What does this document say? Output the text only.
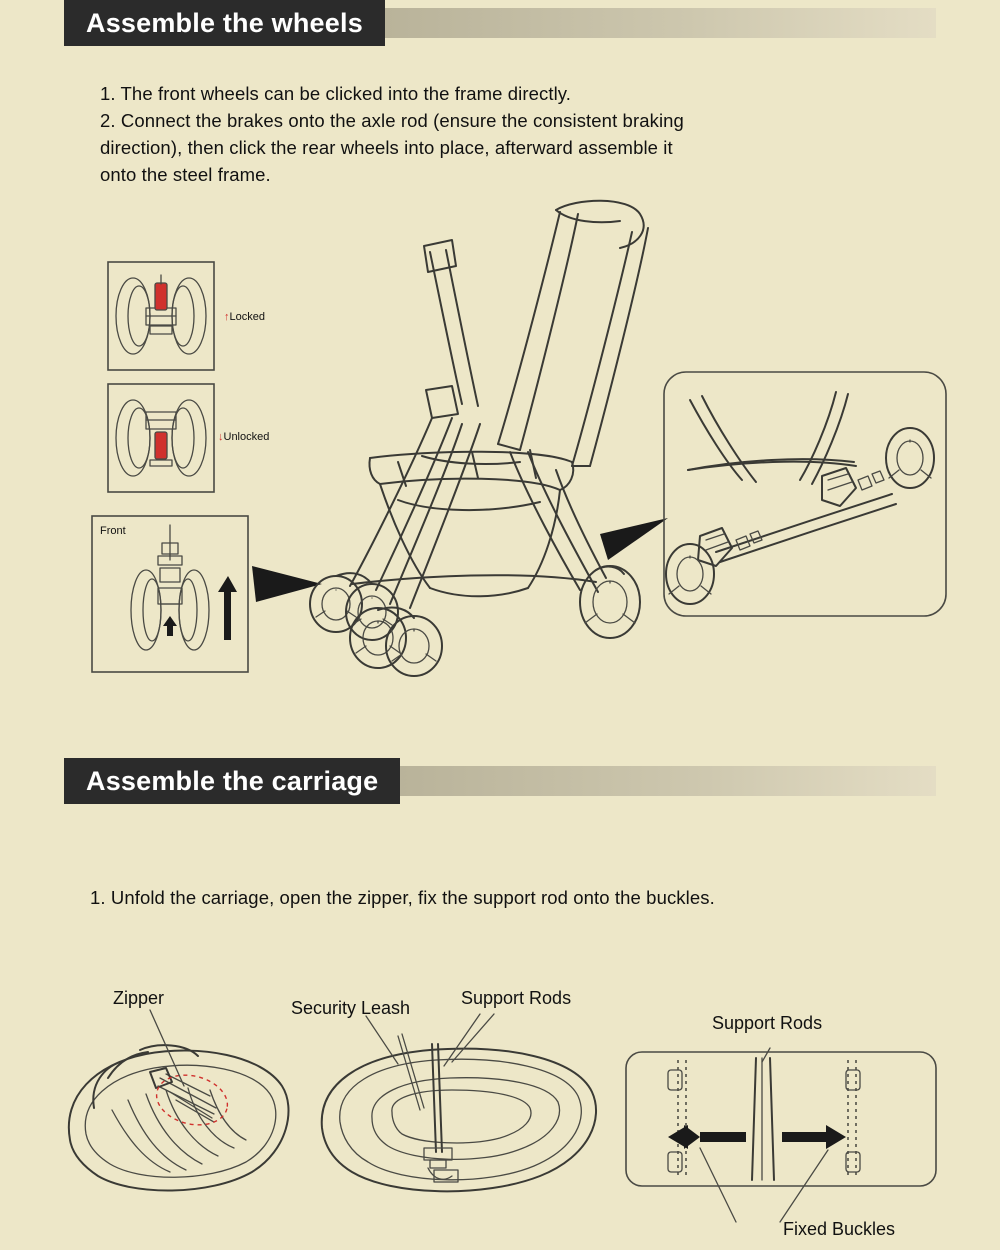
Assemble the wheels
1. The front wheels can be clicked into the frame directly.
2. Connect the brakes onto the axle rod (ensure the consistent braking
direction), then click the rear wheels into place, afterward assemble it
onto the steel frame.
Assemble the carriage
1. Unfold the carriage, open the zipper, fix the support rod onto the buckles.
↑Locked
↓Unlocked
Front
Zipper	Security Leash	Support Rods
Support Rods
Fixed Buckles
